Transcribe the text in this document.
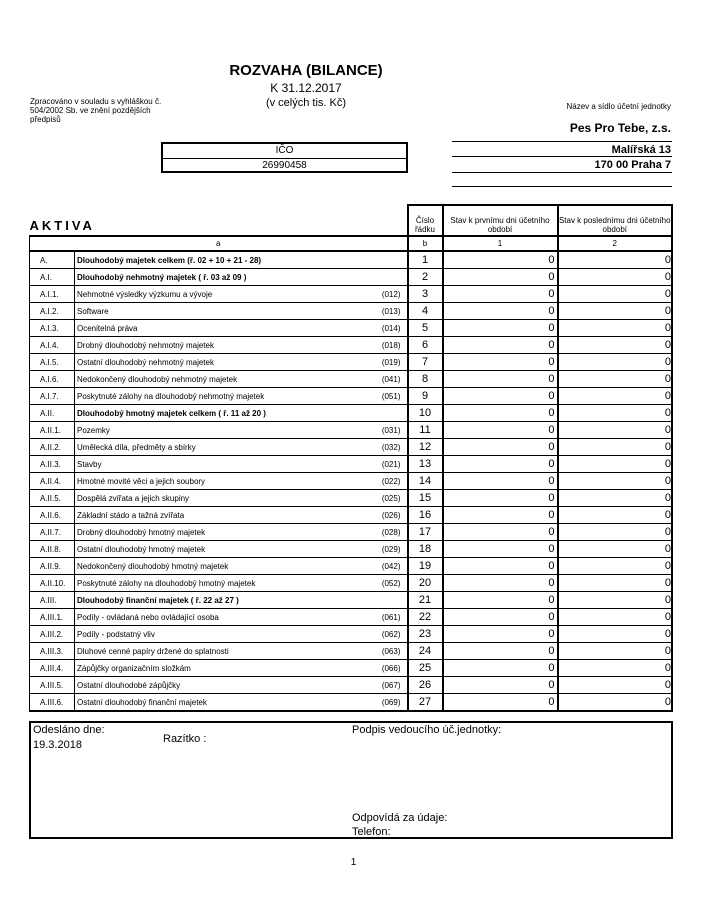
ROZVAHA (BILANCE)
K 31.12.2017
(v celých tis. Kč)
Zpracováno v souladu s vyhláškou č. 504/2002 Sb. ve znění pozdějších předpisů
Název a sídlo účetní jednotky
Pes Pro Tebe, z.s.
Malířská 13
170 00 Praha 7
IČO
26990458
AKTIVA		Číslo řádku	Stav k prvnímu dni účetního období	Stav k poslednímu dni účetního období
a		b	1	2
A.	Dlouhodobý majetek celkem (ř. 02 + 10 + 21 - 28)	1	0	0
A.I.	Dlouhodobý nehmotný majetek ( ř. 03 až 09 )	2	0	0
A.I.1.	Nehmotné výsledky výzkumu a vývoje (012)	3	0	0
A.I.2.	Software (013)	4	0	0
A.I.3.	Ocenitelná práva (014)	5	0	0
A.I.4.	Drobný dlouhodobý nehmotný majetek (018)	6	0	0
A.I.5.	Ostatní dlouhodobý nehmotný majetek (019)	7	0	0
A.I.6.	Nedokončený dlouhodobý nehmotný majetek (041)	8	0	0
A.I.7.	Poskytnuté zálohy na dlouhodobý nehmotný majetek (051)	9	0	0
A.II.	Dlouhodobý hmotný majetek celkem ( ř. 11 až 20 )	10	0	0
A.II.1.	Pozemky (031)	11	0	0
A.II.2.	Umělecká díla, předměty a sbírky (032)	12	0	0
A.II.3.	Stavby (021)	13	0	0
A.II.4.	Hmotné movité věci a jejich soubory (022)	14	0	0
A.II.5.	Dospělá zvířata a jejich skupiny (025)	15	0	0
A.II.6.	Základní stádo a tažná zvířata (026)	16	0	0
A.II.7.	Drobný dlouhodobý hmotný majetek (028)	17	0	0
A.II.8.	Ostatní dlouhodobý hmotný majetek (029)	18	0	0
A.II.9.	Nedokončený dlouhodobý hmotný majetek (042)	19	0	0
A.II.10.	Poskytnuté zálohy na dlouhodobý hmotný majetek (052)	20	0	0
A.III.	Dlouhodobý finanční majetek ( ř. 22 až 27 )	21	0	0
A.III.1.	Podíly - ovládaná nebo ovládající osoba (061)	22	0	0
A.III.2.	Podíly - podstatný vliv (062)	23	0	0
A.III.3.	Dluhové cenné papíry držené do splatnosti (063)	24	0	0
A.III.4.	Zápůjčky organizačním složkám (066)	25	0	0
A.III.5.	Ostatní dlouhodobé zápůjčky (067)	26	0	0
A.III.6.	Ostatní dlouhodobý finanční majetek (069)	27	0	0
Odesláno dne:
19.3.2018	Razítko :
Podpis vedoucího úč.jednotky:
Odpovídá za údaje:
Telefon:
1
